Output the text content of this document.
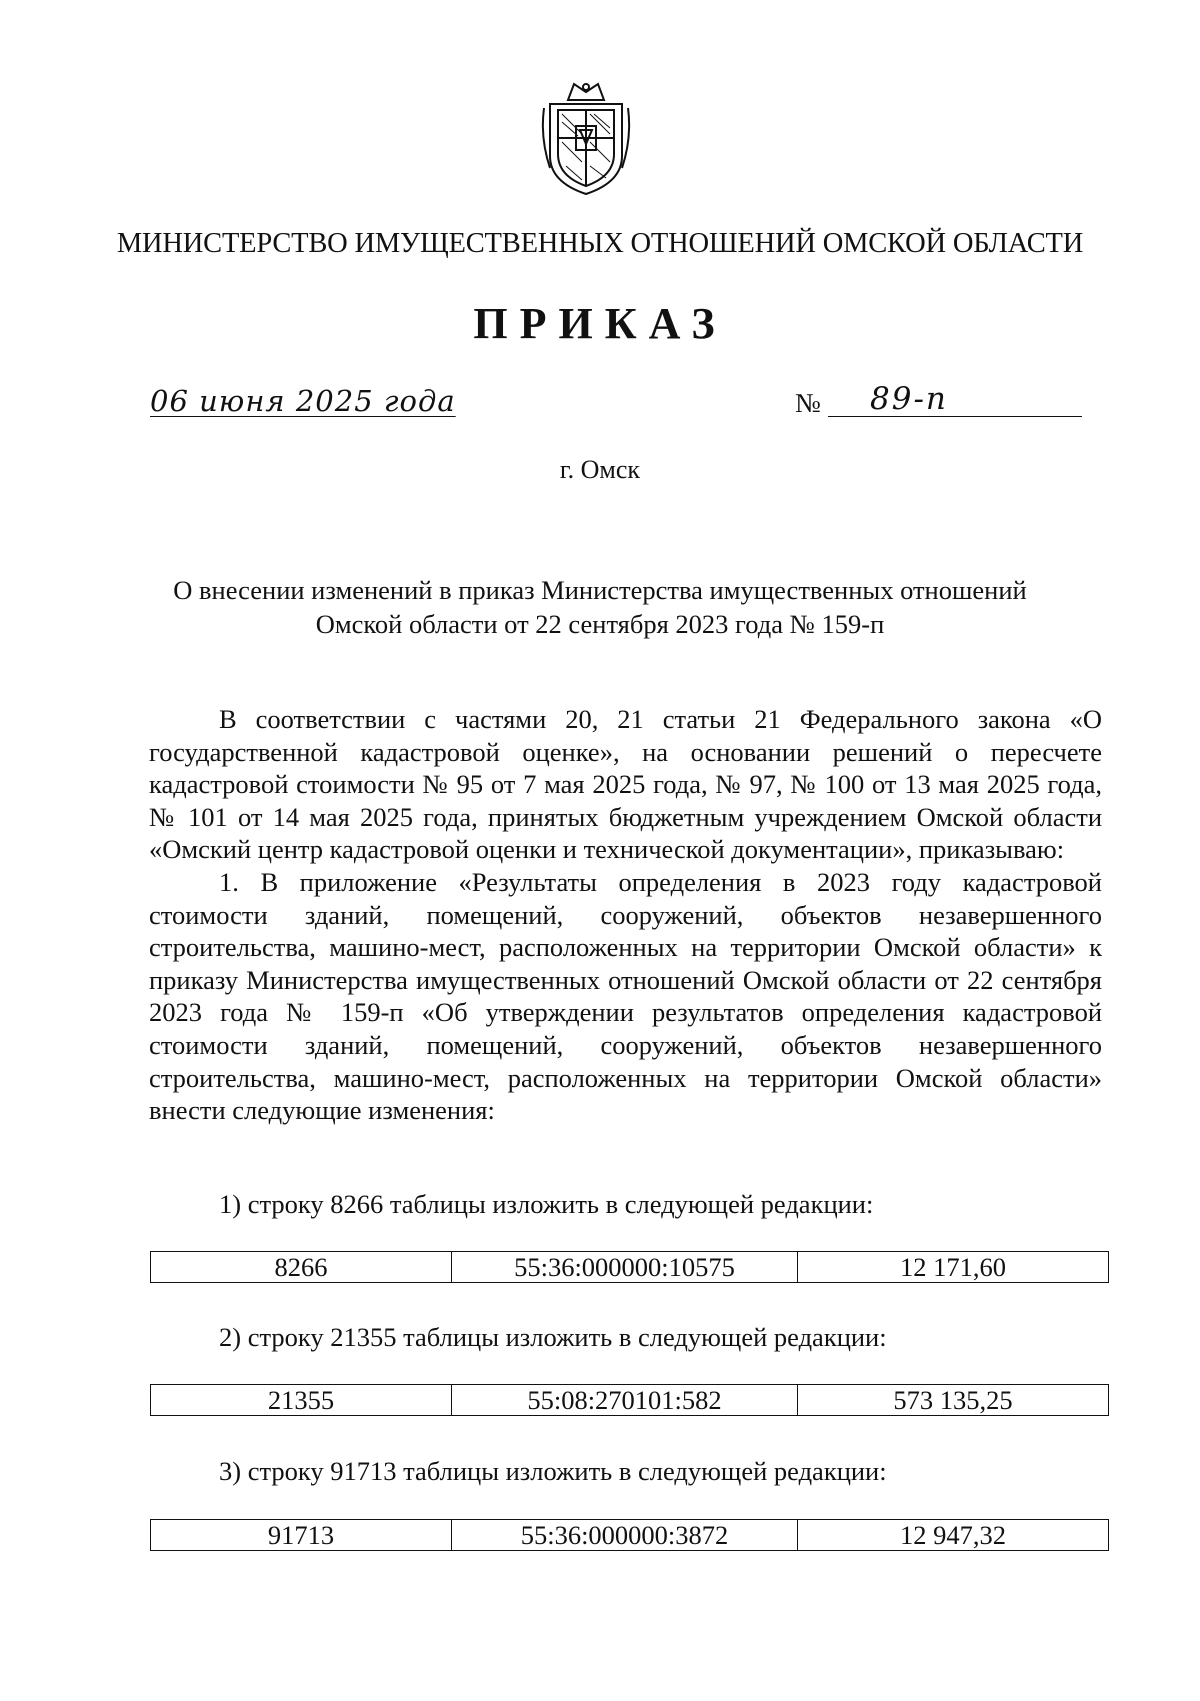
МИНИСТЕРСТВО ИМУЩЕСТВЕННЫХ ОТНОШЕНИЙ ОМСКОЙ ОБЛАСТИ
ПРИКАЗ
06 июня 2025 года	№ 89-п
г. Омск
О внесении изменений в приказ Министерства имущественных отношений
Омской области от 22 сентября 2023 года № 159-п

В соответствии с частями 20, 21 статьи 21 Федерального закона «О государственной кадастровой оценке», на основании решений о пересчете кадастровой стоимости № 95 от 7 мая 2025 года, № 97, № 100 от 13 мая 2025 года, № 101 от 14 мая 2025 года, принятых бюджетным учреждением Омской области «Омский центр кадастровой оценки и технической документации», приказываю:

1. В приложение «Результаты определения в 2023 году кадастровой стоимости зданий, помещений, сооружений, объектов незавершенного строительства, машино-мест, расположенных на территории Омской области» к приказу Министерства имущественных отношений Омской области от 22 сентября 2023 года № 159-п «Об утверждении результатов определения кадастровой стоимости зданий, помещений, сооружений, объектов незавершенного строительства, машино-мест, расположенных на территории Омской области» внести следующие изменения:

1) строку 8266 таблицы изложить в следующей редакции:
8266	55:36:000000:10575	12 171,60
2) строку 21355 таблицы изложить в следующей редакции:
21355	55:08:270101:582	573 135,25
3) строку 91713 таблицы изложить в следующей редакции:
91713	55:36:000000:3872	12 947,32
